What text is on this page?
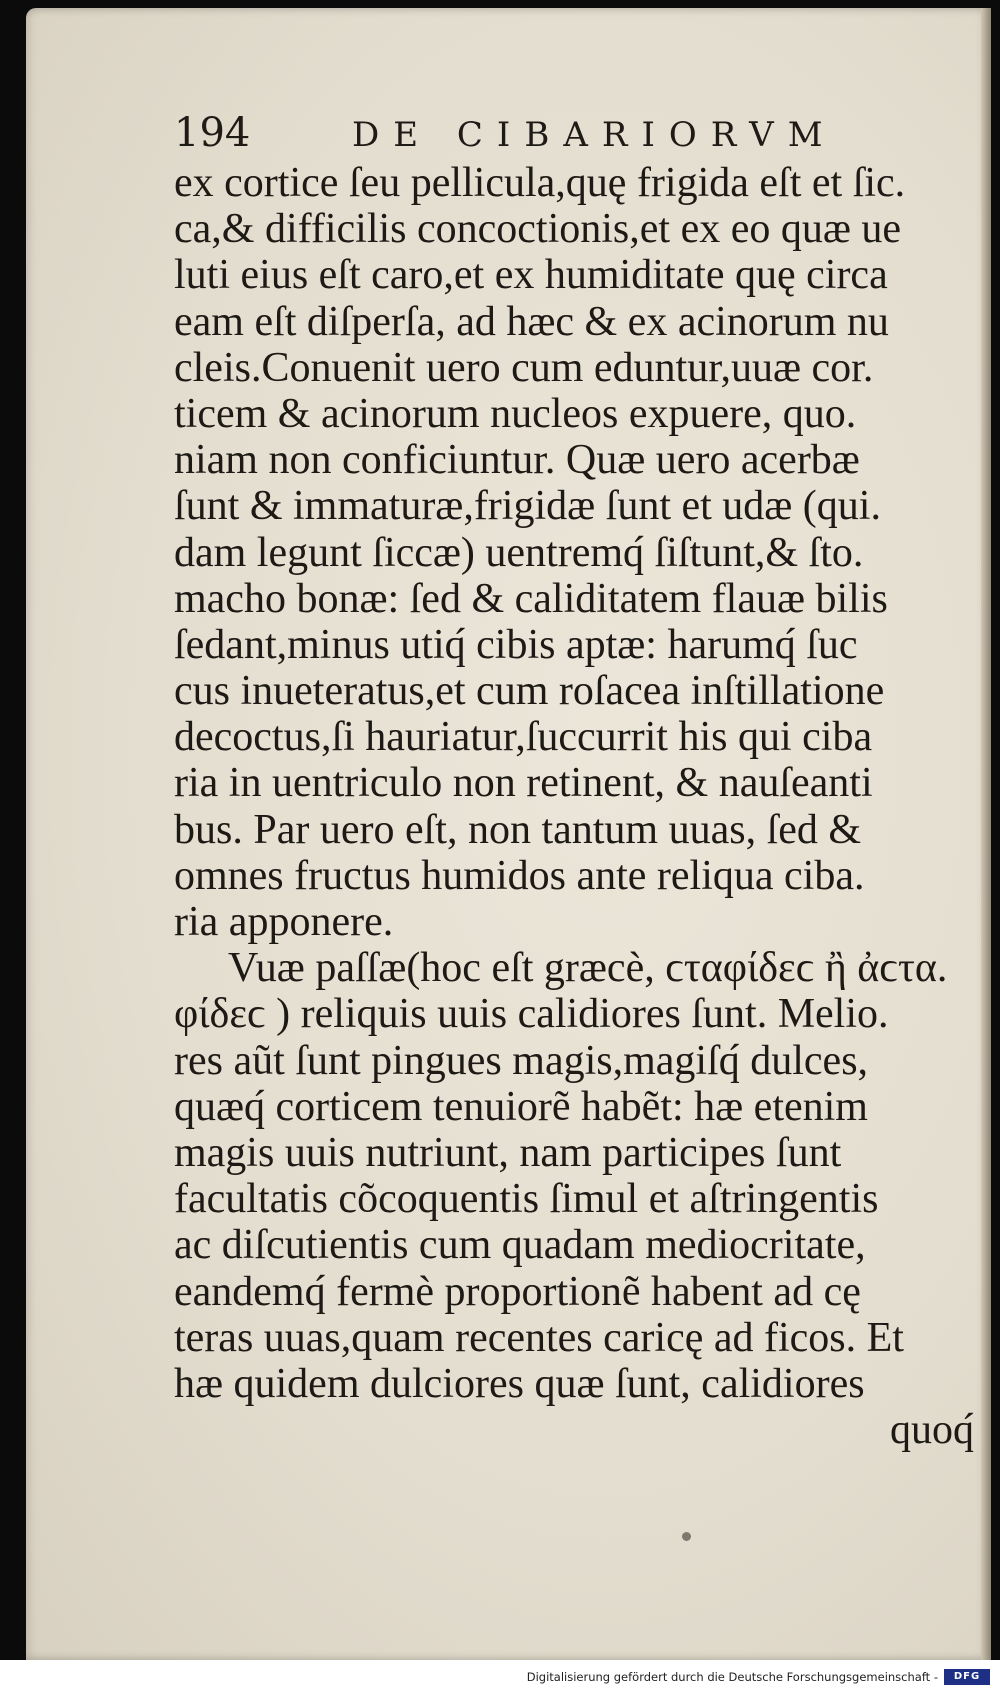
194	DE CIBARIORVM
ex cortice ſeu pellicula,quę frigida eſt et ſic.
ca,& difficilis concoctionis,et ex eo quæ ue
luti eius eſt caro,et ex humiditate quę circa
eam eſt diſperſa, ad hæc & ex acinorum nu
cleis.Conuenit uero cum eduntur,uuæ cor.
ticem & acinorum nucleos expuere, quo.
niam non conficiuntur. Quæ uero acerbæ
ſunt & immaturæ,frigidæ ſunt et udæ (qui.
dam legunt ſiccæ) uentremq́ ſiſtunt,& ſto.
macho bonæ: ſed & caliditatem flauæ bilis
ſedant,minus utiq́ cibis aptæ: harumq́ ſuc
cus inueteratus,et cum roſacea inſtillatione
decoctus,ſi hauriatur,ſuccurrit his qui ciba
ria in uentriculo non retinent, & nauſeanti
bus. Par uero eſt, non tantum uuas, ſed &
omnes fructus humidos ante reliqua ciba.
ria apponere.
Vuæ paſſæ(hoc eſt græcè, ϲταφίδεϲ ἢ ἀϲτα.
φίδεϲ ) reliquis uuis calidiores ſunt. Melio.
res aũt ſunt pingues magis,magiſq́ dulces,
quæq́ corticem tenuiorẽ habẽt: hæ etenim
magis uuis nutriunt, nam participes ſunt
facultatis cõcoquentis ſimul et aſtringentis
ac diſcutientis cum quadam mediocritate,
eandemq́ fermè proportionẽ habent ad cę
teras uuas,quam recentes caricę ad ficos. Et
hæ quidem dulciores quæ ſunt, calidiores
quoq́
Digitalisierung gefördert durch die Deutsche Forschungsgemeinschaft -	DFG
